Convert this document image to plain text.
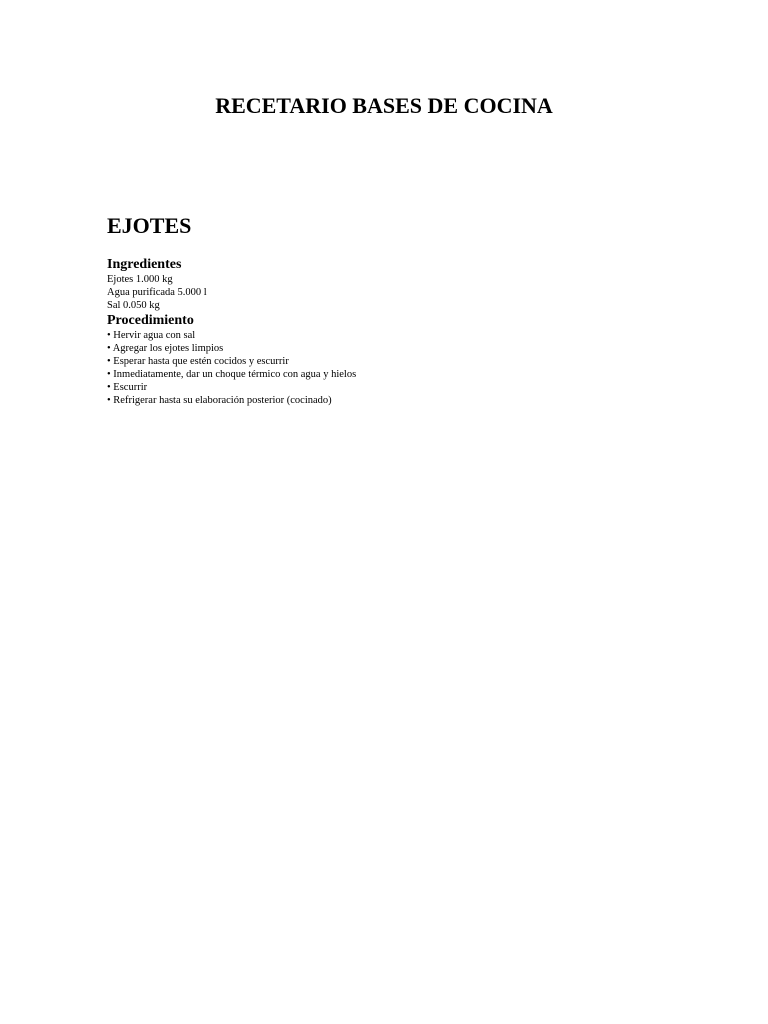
RECETARIO BASES DE COCINA
EJOTES
Ingredientes
Ejotes 1.000 kg
Agua purificada 5.000 l
Sal 0.050 kg
Procedimiento
• Hervir agua con sal
• Agregar los ejotes limpios
• Esperar hasta que estén cocidos y escurrir
• Inmediatamente, dar un choque térmico con agua y hielos
• Escurrir
• Refrigerar hasta su elaboración posterior (cocinado)
